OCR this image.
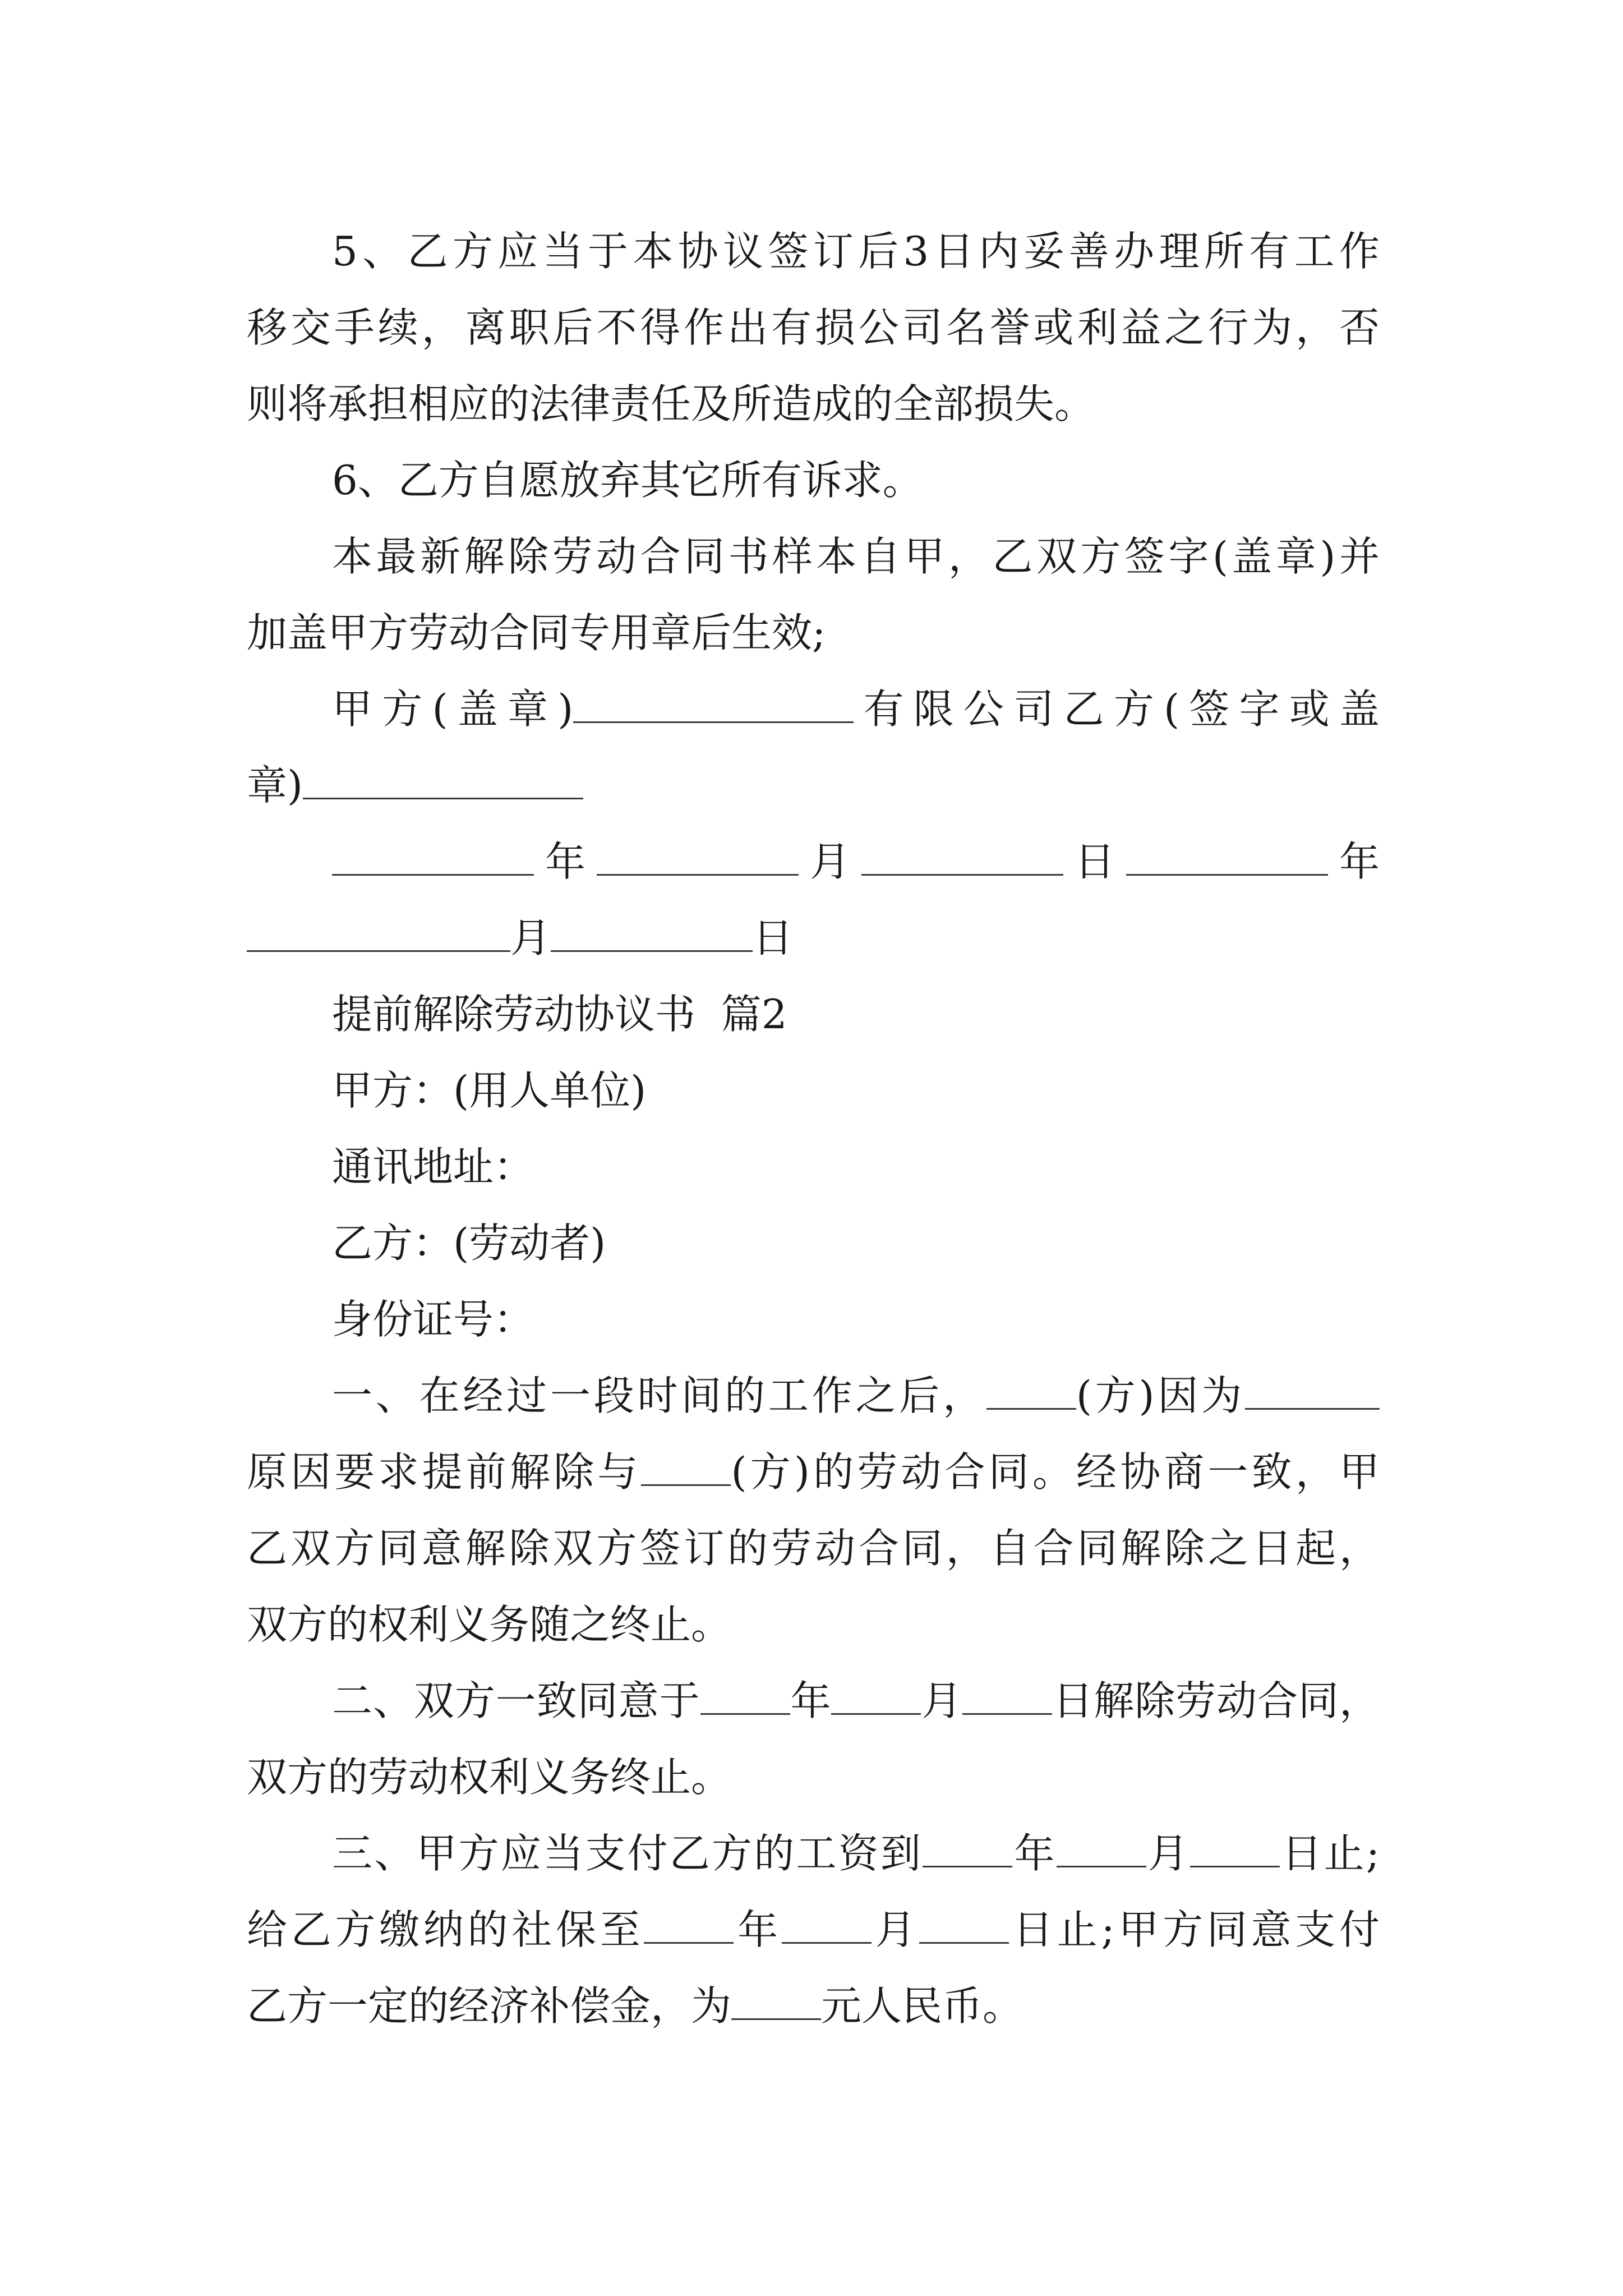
5、乙方应当于本协议签订后3日内妥善办理所有工作
移交手续，离职后不得作出有损公司名誉或利益之行为，否
则将承担相应的法律责任及所造成的全部损失。
6、乙方自愿放弃其它所有诉求。
本最新解除劳动合同书样本自甲，乙双方签字(盖章)并
加盖甲方劳动合同专用章后生效;
甲方(盖章)	有限公司乙方(签字或盖
章)
年	月	日	年
月	日
提前解除劳动协议书  篇2
甲方：(用人单位)
通讯地址：
乙方：(劳动者)
身份证号：
一、在经过一段时间的工作之后， (方)因为
原因要求提前解除与 (方)的劳动合同。经协商一致，甲
乙双方同意解除双方签订的劳动合同，自合同解除之日起，
双方的权利义务随之终止。
二、双方一致同意于 年 月 日解除劳动合同，
双方的劳动权利义务终止。
三、甲方应当支付乙方的工资到 年 月 日止;
给乙方缴纳的社保至 年 月 日止;甲方同意支付
乙方一定的经济补偿金，为 元人民币。
